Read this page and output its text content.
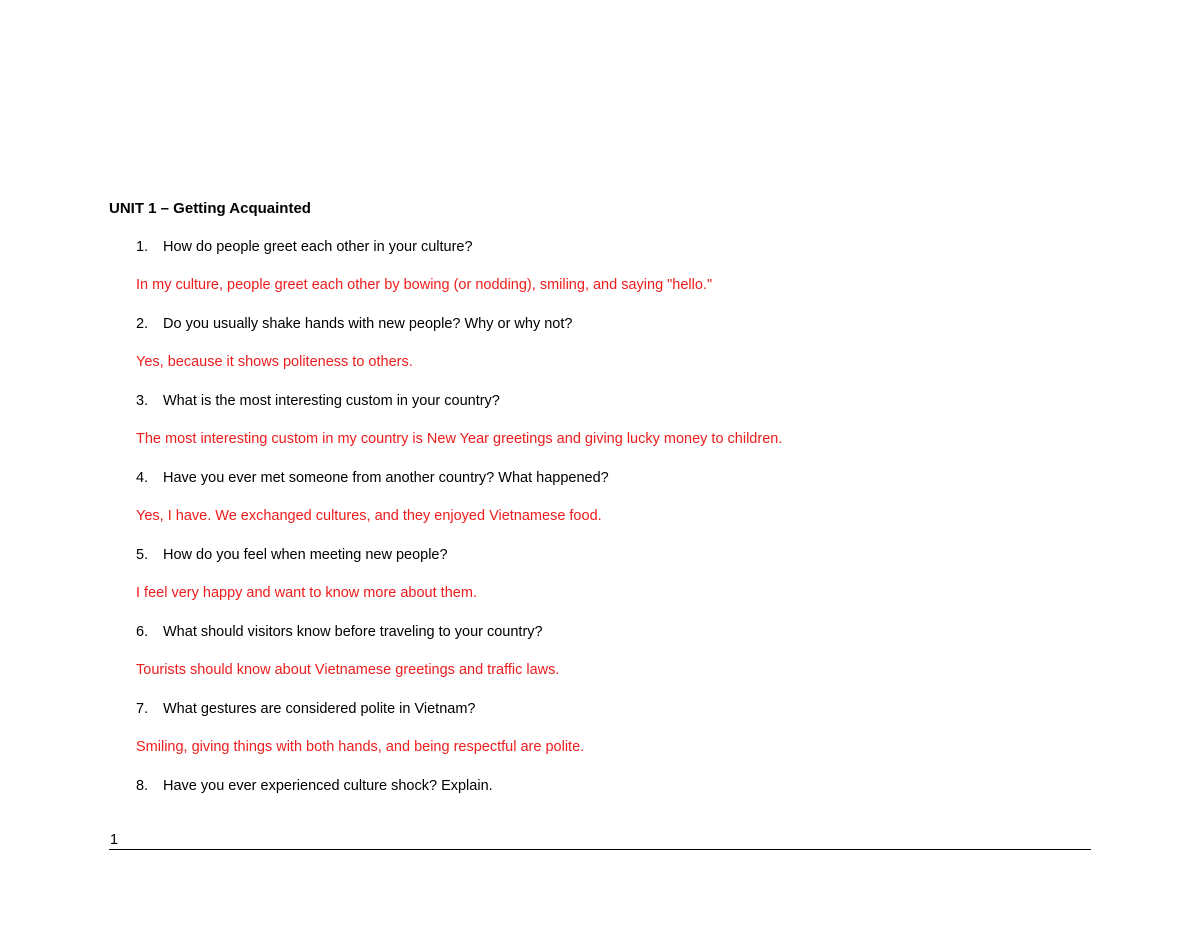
UNIT 1 – Getting Acquainted
1. How do people greet each other in your culture?
In my culture, people greet each other by bowing (or nodding), smiling, and saying "hello."
2. Do you usually shake hands with new people? Why or why not?
Yes, because it shows politeness to others.
3. What is the most interesting custom in your country?
The most interesting custom in my country is New Year greetings and giving lucky money to children.
4. Have you ever met someone from another country? What happened?
Yes, I have. We exchanged cultures, and they enjoyed Vietnamese food.
5. How do you feel when meeting new people?
I feel very happy and want to know more about them.
6. What should visitors know before traveling to your country?
Tourists should know about Vietnamese greetings and traffic laws.
7. What gestures are considered polite in Vietnam?
Smiling, giving things with both hands, and being respectful are polite.
8. Have you ever experienced culture shock? Explain.
1
